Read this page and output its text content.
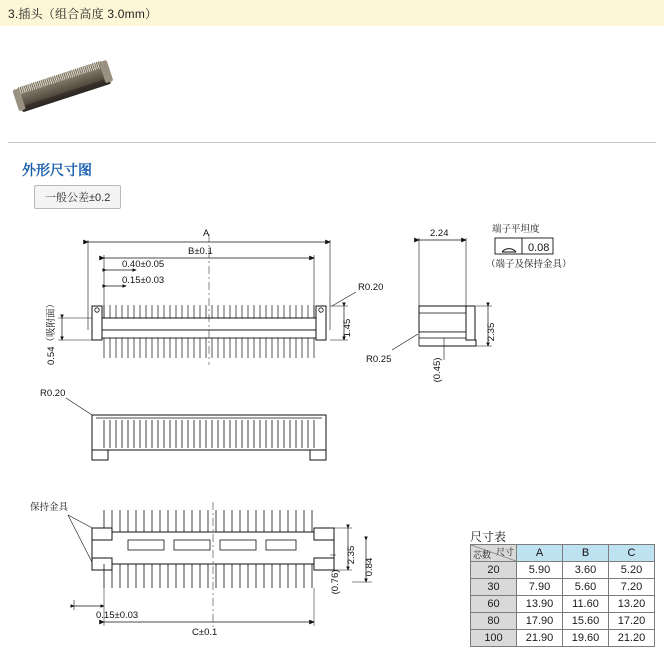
3.插头（组合高度 3.0mm）
外形尺寸图
一般公差±0.2
A
B±0.1
0.40±0.05
0.15±0.03
0.54（吸附面）
R0.20
1.45
2.24	端子平坦度
0.08
（端子及保持金具）
2.35
(0.45)
R0.25
R0.20
保持金具
2.35
0.84
(0.76)
0.15±0.03
C±0.1
尺寸表
尺寸
芯数	A	B	C
20	5.90	3.60	5.20
30	7.90	5.60	7.20
60	13.90	11.60	13.20
80	17.90	15.60	17.20
100	21.90	19.60	21.20
